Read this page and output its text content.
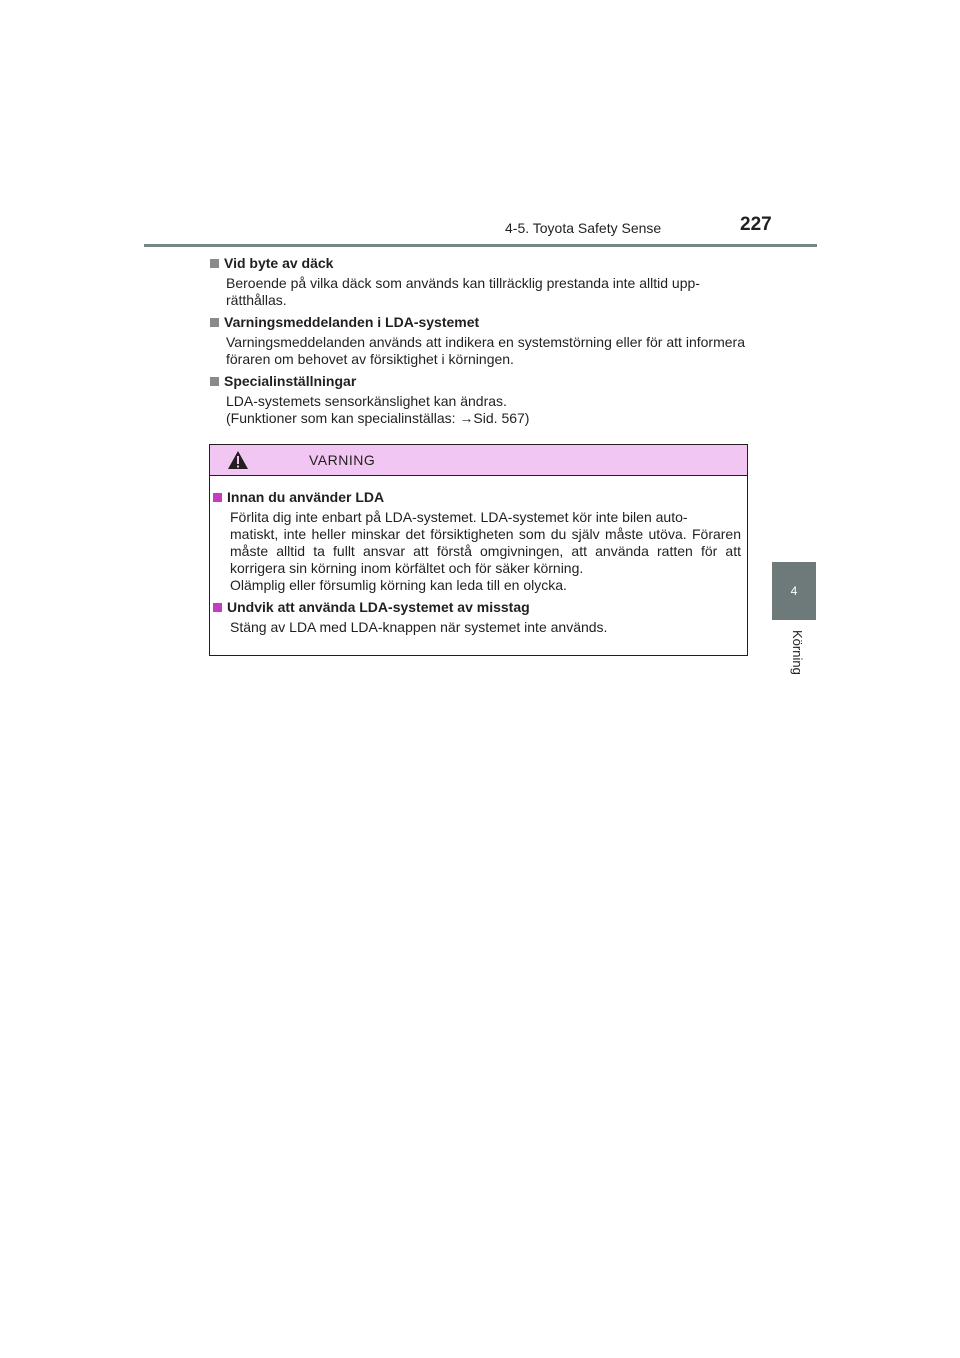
4-5. Toyota Safety Sense	227
4
Körning
Vid byte av däck
Beroende på vilka däck som används kan tillräcklig prestanda inte alltid upp-
rätthållas.
Varningsmeddelanden i LDA-systemet
Varningsmeddelanden används att indikera en systemstörning eller för att informera föraren om behovet av försiktighet i körningen.
Specialinställningar
LDA-systemets sensorkänslighet kan ändras.
(Funktioner som kan specialinställas: →Sid. 567)
VARNING
Innan du använder LDA
Förlita dig inte enbart på LDA-systemet. LDA-systemet kör inte bilen auto-
matiskt, inte heller minskar det försiktigheten som du själv måste utöva. Föraren måste alltid ta fullt ansvar att förstå omgivningen, att använda ratten för att korrigera sin körning inom körfältet och för säker körning.
Olämplig eller försumlig körning kan leda till en olycka.
Undvik att använda LDA-systemet av misstag
Stäng av LDA med LDA-knappen när systemet inte används.
